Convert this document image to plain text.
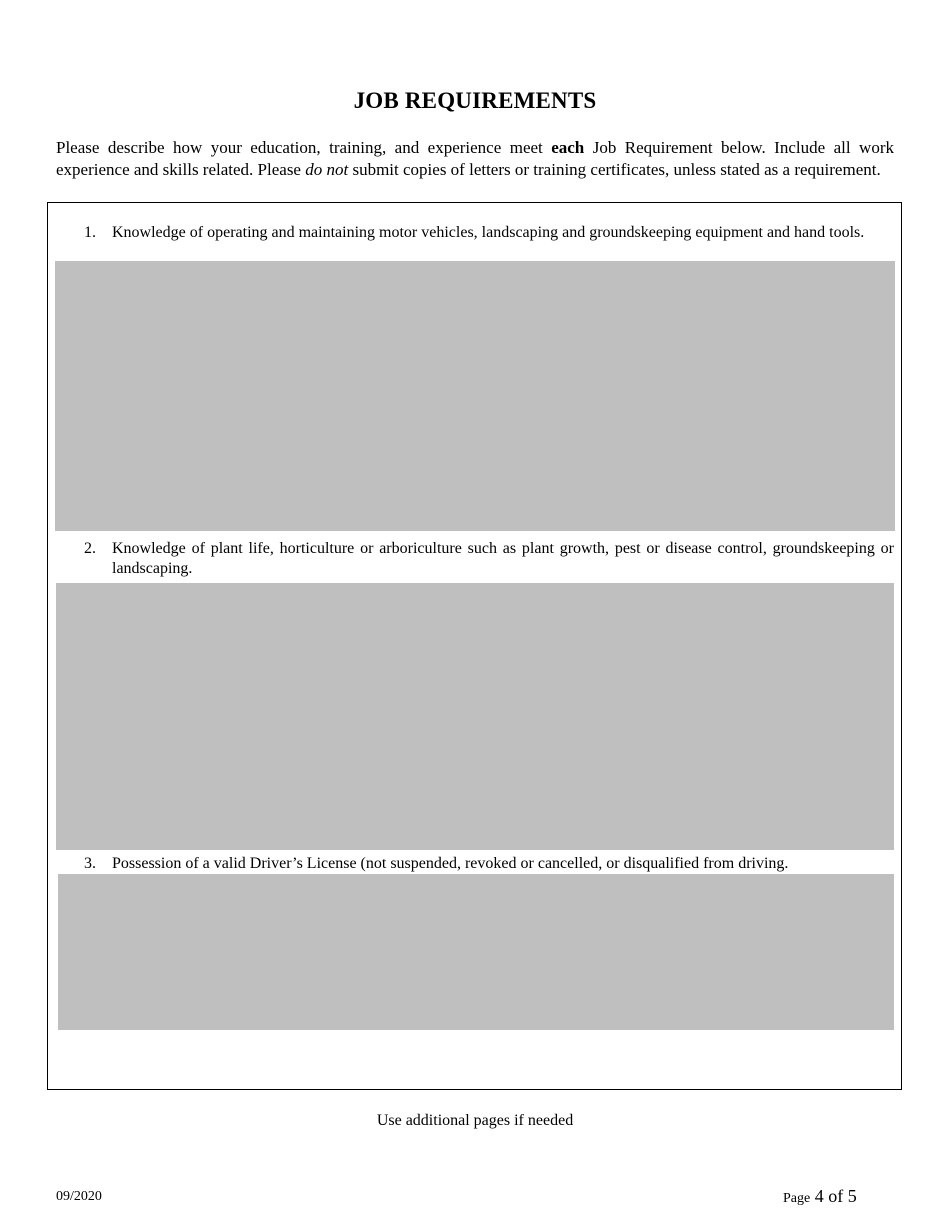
JOB REQUIREMENTS
Please describe how your education, training, and experience meet each Job Requirement below. Include all work experience and skills related. Please do not submit copies of letters or training certificates, unless stated as a requirement.
1.	Knowledge of operating and maintaining motor vehicles, landscaping and groundskeeping equipment and hand tools.
2.	Knowledge of plant life, horticulture or arboriculture such as plant growth, pest or disease control, groundskeeping or landscaping.
3.	Possession of a valid Driver’s License (not suspended, revoked or cancelled, or disqualified from driving.
Use additional pages if needed
09/2020	Page 4 of 5
